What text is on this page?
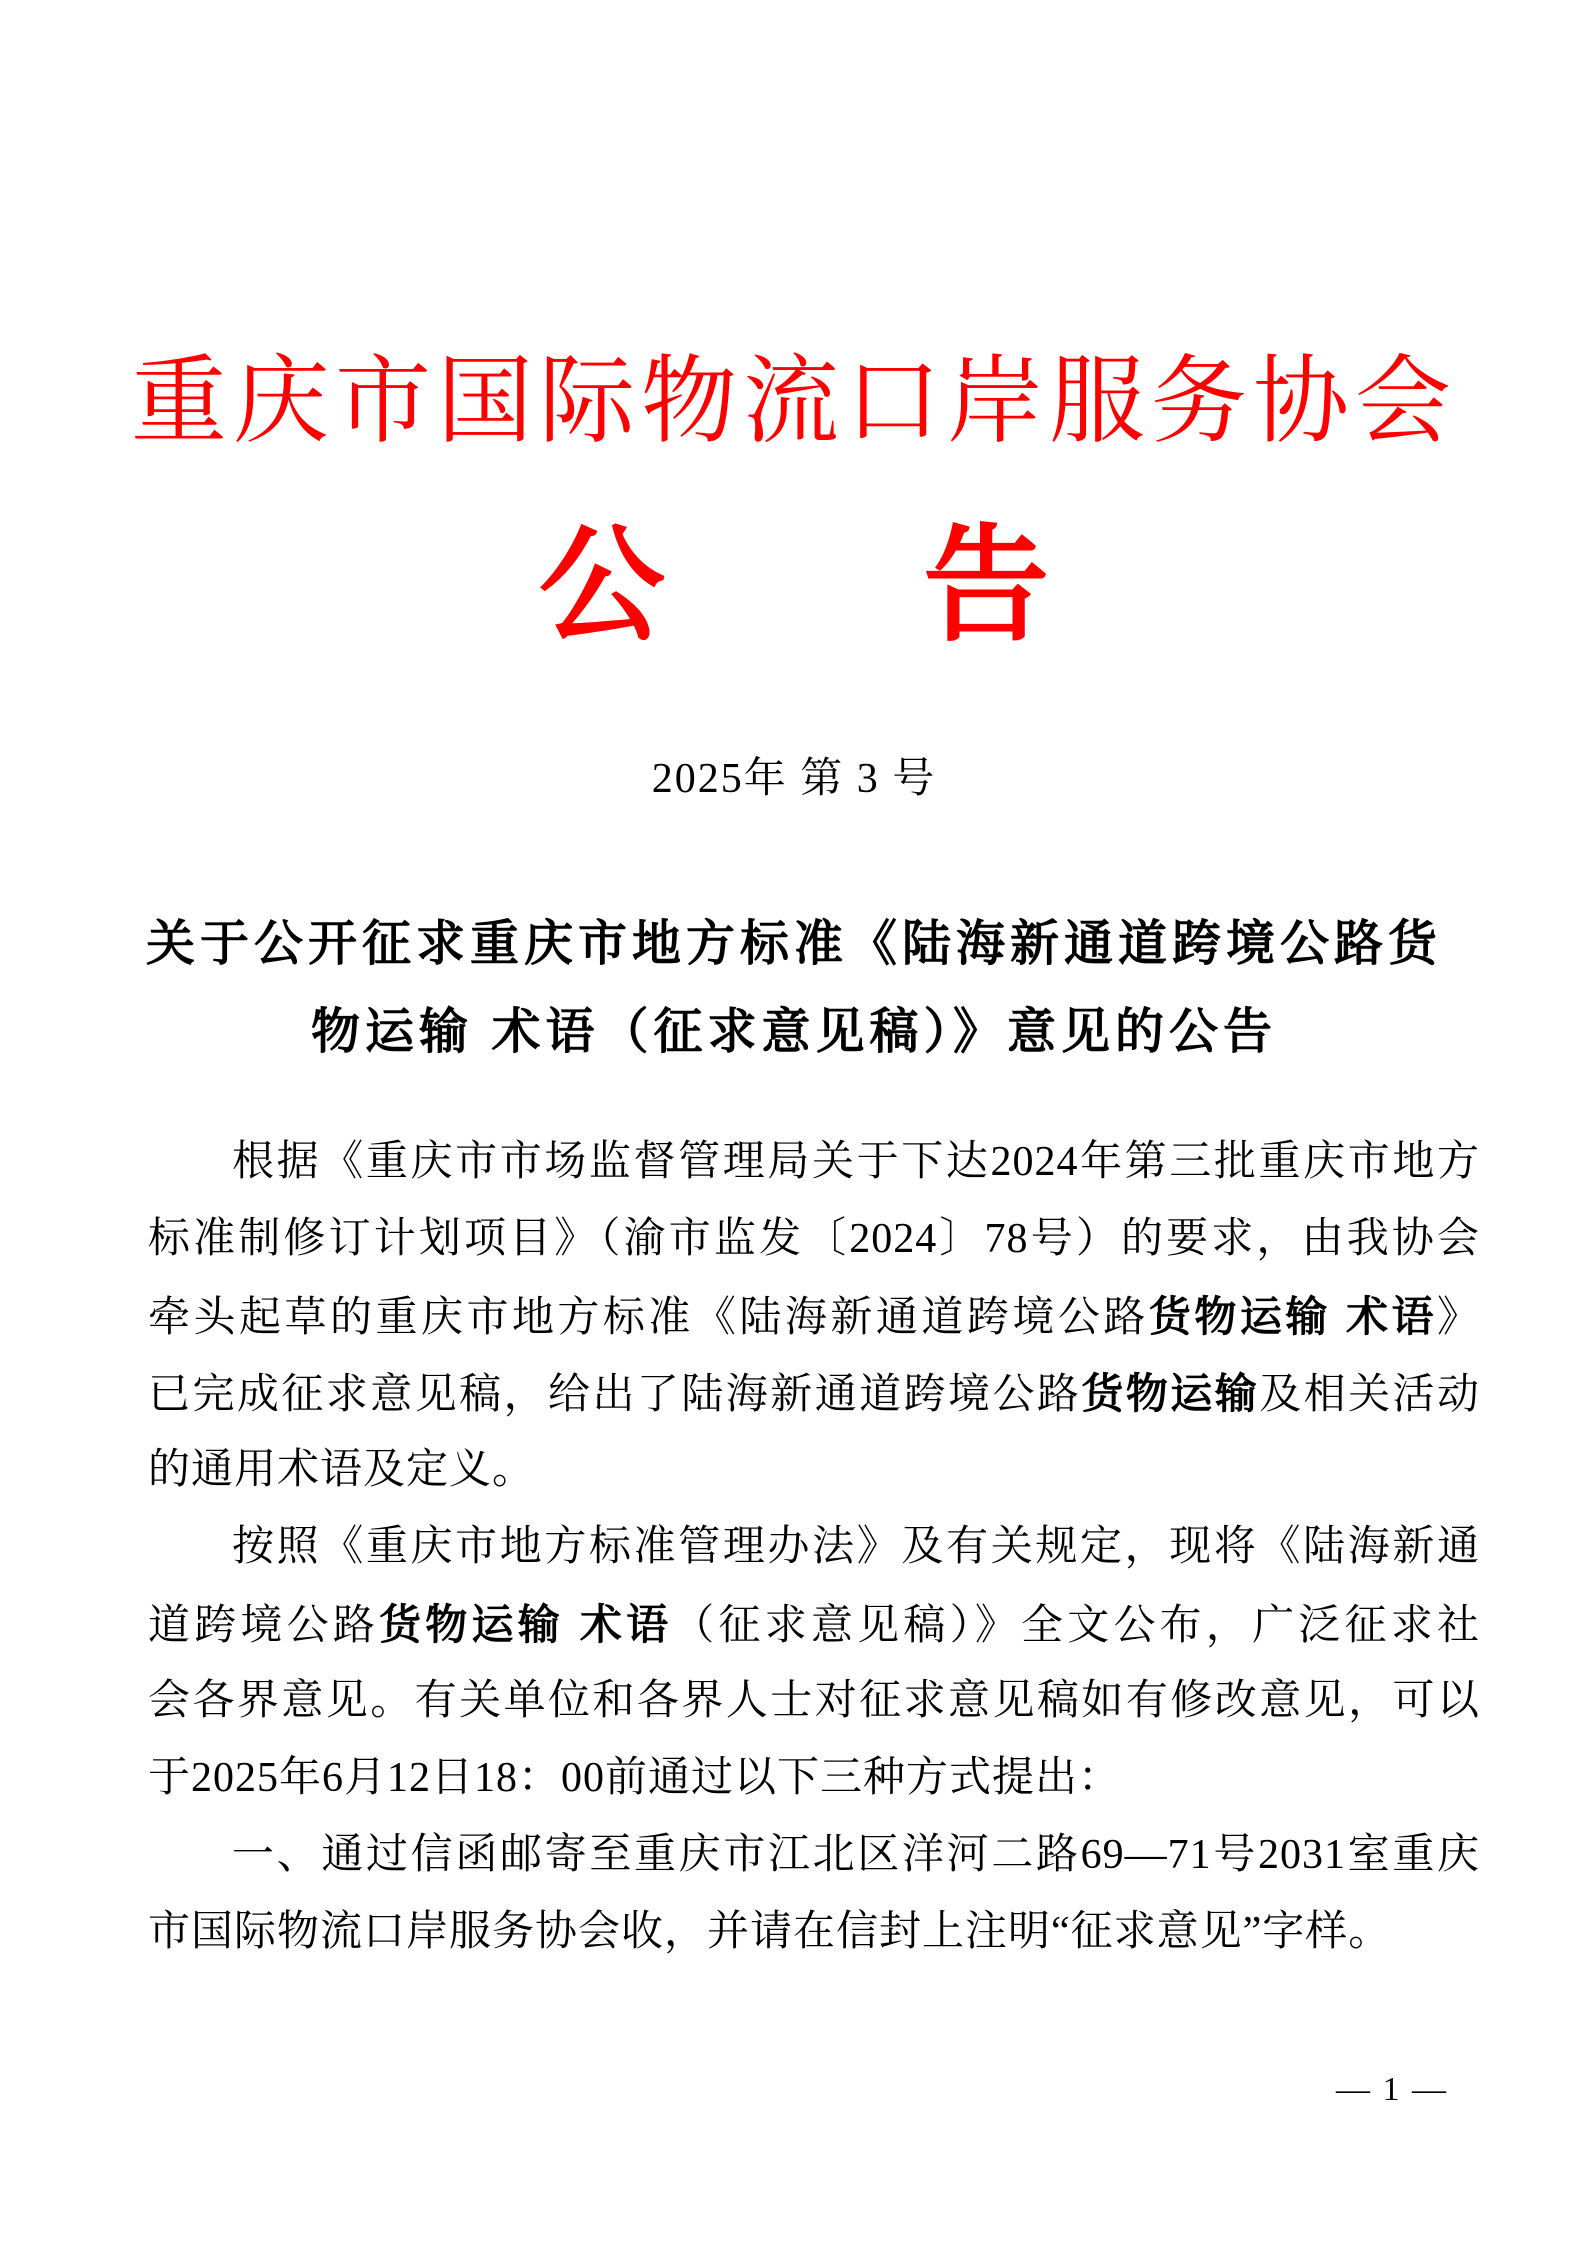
重庆市国际物流口岸服务协会
公告
2025年 第 3 号
关于公开征求重庆市地方标准《陆海新通道跨境公路货
物运输 术语（征求意见稿）》意见的公告

根据《重庆市市场监督管理局关于下达2024年第三批重庆市地方
标准制修订计划项目》（渝市监发〔2024〕78号）的要求，由我协会
牵头起草的重庆市地方标准《陆海新通道跨境公路货物运输 术语》
已完成征求意见稿，给出了陆海新通道跨境公路货物运输及相关活动
的通用术语及定义。

按照《重庆市地方标准管理办法》及有关规定，现将《陆海新通
道跨境公路货物运输 术语（征求意见稿）》全文公布，广泛征求社
会各界意见。有关单位和各界人士对征求意见稿如有修改意见，可以
于2025年6月12日18：00前通过以下三种方式提出：

一、通过信函邮寄至重庆市江北区洋河二路69—71号2031室重庆
市国际物流口岸服务协会收，并请在信封上注明“征求意见”字样。

— 1 —
